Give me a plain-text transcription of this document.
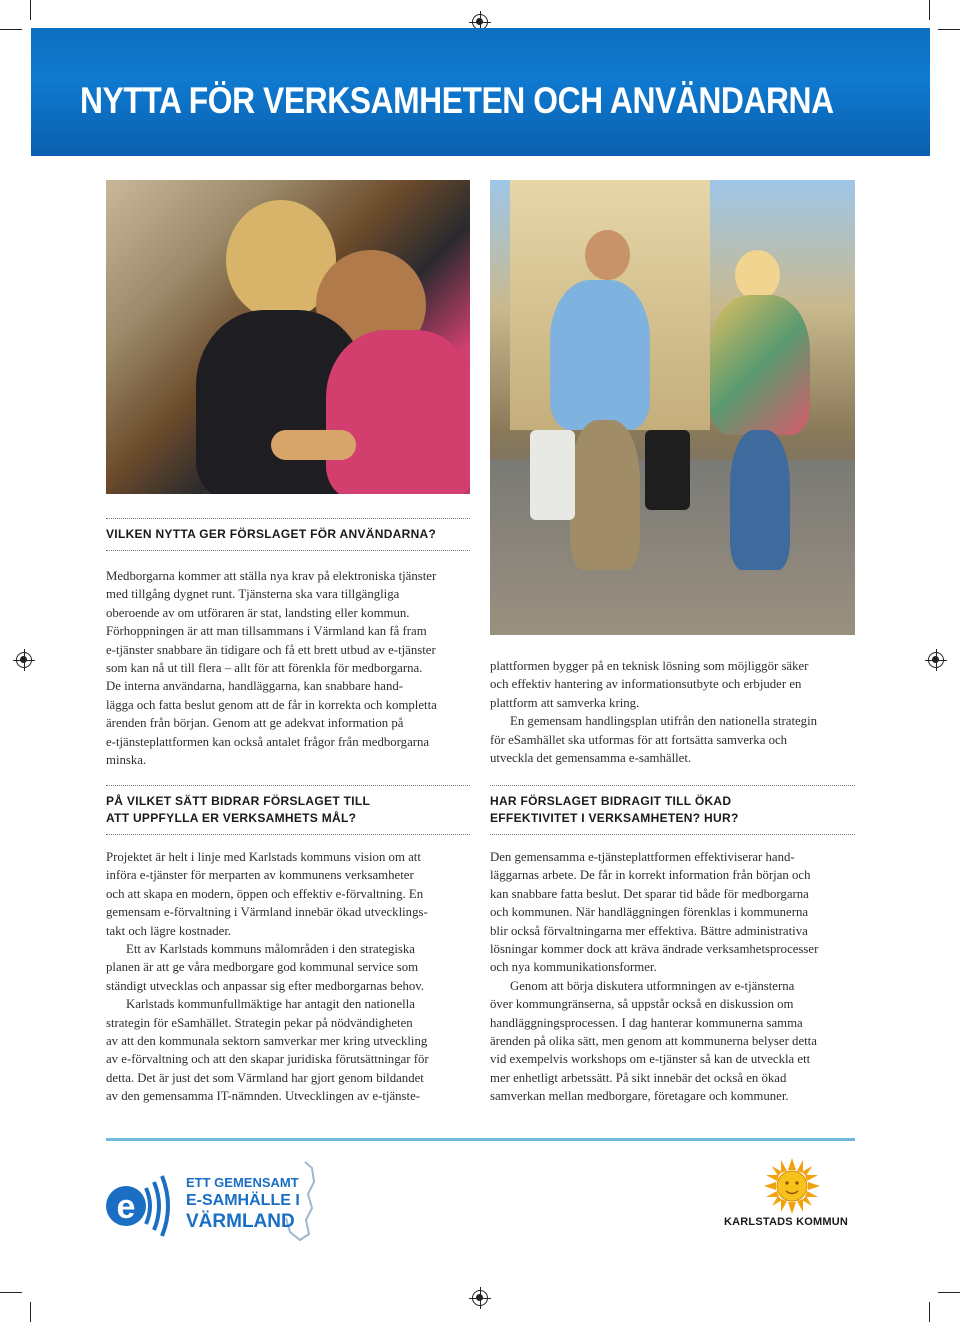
NYTTA FÖR VERKSAMHETEN OCH ANVÄNDARNA
VILKEN NYTTA GER FÖRSLAGET FÖR ANVÄNDARNA?
Medborgarna kommer att ställa nya krav på elektroniska tjänster
med tillgång dygnet runt. Tjänsterna ska vara tillgängliga
oberoende av om utföraren är stat, landsting eller kommun.
Förhoppningen är att man tillsammans i Värmland kan få fram
e-tjänster snabbare än tidigare och få ett brett utbud av e-tjänster
som kan nå ut till flera – allt för att förenkla för medborgarna.
De interna användarna, handläggarna, kan snabbare hand-
lägga och fatta beslut genom att de får in korrekta och kompletta
ärenden från början. Genom att ge adekvat information på
e-tjänsteplattformen kan också antalet frågor från medborgarna
minska.
PÅ VILKET SÄTT BIDRAR FÖRSLAGET TILL
ATT UPPFYLLA ER VERKSAMHETS MÅL?
Projektet är helt i linje med Karlstads kommuns vision om att
införa e-tjänster för merparten av kommunens verksamheter
och att skapa en modern, öppen och effektiv e-förvaltning. En
gemensam e-förvaltning i Värmland innebär ökad utvecklings-
takt och lägre kostnader.
Ett av Karlstads kommuns målområden i den strategiska
planen är att ge våra medborgare god kommunal service som
ständigt utvecklas och anpassar sig efter medborgarnas behov.
Karlstads kommunfullmäktige har antagit den nationella
strategin för eSamhället. Strategin pekar på nödvändigheten
av att den kommunala sektorn samverkar mer kring utveckling
av e-förvaltning och att den skapar juridiska förutsättningar för
detta. Det är just det som Värmland har gjort genom bildandet
av den gemensamma IT-nämnden. Utvecklingen av e-tjänste-
plattformen bygger på en teknisk lösning som möjliggör säker
och effektiv hantering av informationsutbyte och erbjuder en
plattform att samverka kring.
En gemensam handlingsplan utifrån den nationella strategin
för eSamhället ska utformas för att fortsätta samverka och
utveckla det gemensamma e-samhället.
HAR FÖRSLAGET BIDRAGIT TILL ÖKAD
EFFEKTIVITET I VERKSAMHETEN? HUR?
Den gemensamma e-tjänsteplattformen effektiviserar hand-
läggarnas arbete. De får in korrekt information från början och
kan snabbare fatta beslut. Det sparar tid både för medborgarna
och kommunen. När handläggningen förenklas i kommunerna
blir också förvaltningarna mer effektiva. Bättre administrativa
lösningar kommer dock att kräva ändrade verksamhetsprocesser
och nya kommunikationsformer.
Genom att börja diskutera utformningen av e-tjänsterna
över kommungränserna, så uppstår också en diskussion om
handläggningsprocessen. I dag hanterar kommunerna samma
ärenden på olika sätt, men genom att kommunerna belyser detta
vid exempelvis workshops om e-tjänster så kan de utveckla ett
mer enhetligt arbetssätt. På sikt innebär det också en ökad
samverkan mellan medborgare, företagare och kommuner.
e
ETT GEMENSAMT
E-SAMHÄLLE I
VÄRMLAND	KARLSTADS KOMMUN
